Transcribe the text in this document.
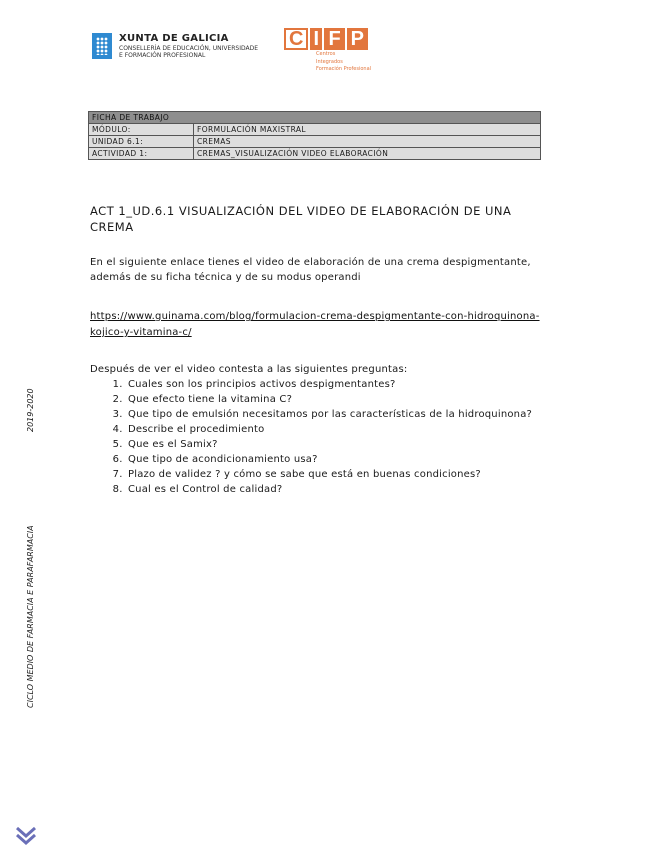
XUNTA DE GALICIA
CONSELLERÍA DE EDUCACIÓN, UNIVERSIDADE
E FORMACIÓN PROFESIONAL
C I F P
Centros
Integrados
Formación Profesional
FICHA DE TRABAJO	
MÓDULO:	FORMULACIÓN MAXISTRAL
UNIDAD 6.1:	CREMAS
ACTIVIDAD 1:	CREMAS_VISUALIZACIÓN VIDEO ELABORACIÓN
ACT 1_UD.6.1 VISUALIZACIÓN DEL VIDEO DE ELABORACIÓN DE UNA CREMA
En el siguiente enlace tienes el video de elaboración de una crema despigmentante, además de su ficha técnica y de su modus operandi
https://www.guinama.com/blog/formulacion-crema-despigmentante-con-hidroquinona-kojico-y-vitamina-c/
Después de ver el video contesta a las siguientes preguntas:
1. Cuales son los principios activos despigmentantes?
2. Que efecto tiene la vitamina C?
3. Que tipo de emulsión necesitamos por las características de la hidroquinona?
4. Describe el procedimiento
5. Que es el Samix?
6. Que tipo de acondicionamiento usa?
7. Plazo de validez ? y cómo se sabe que está en buenas condiciones?
8. Cual es el Control de calidad?
2019-2020
CICLO MEDIO DE FARMACIA E PARAFARMACIA
